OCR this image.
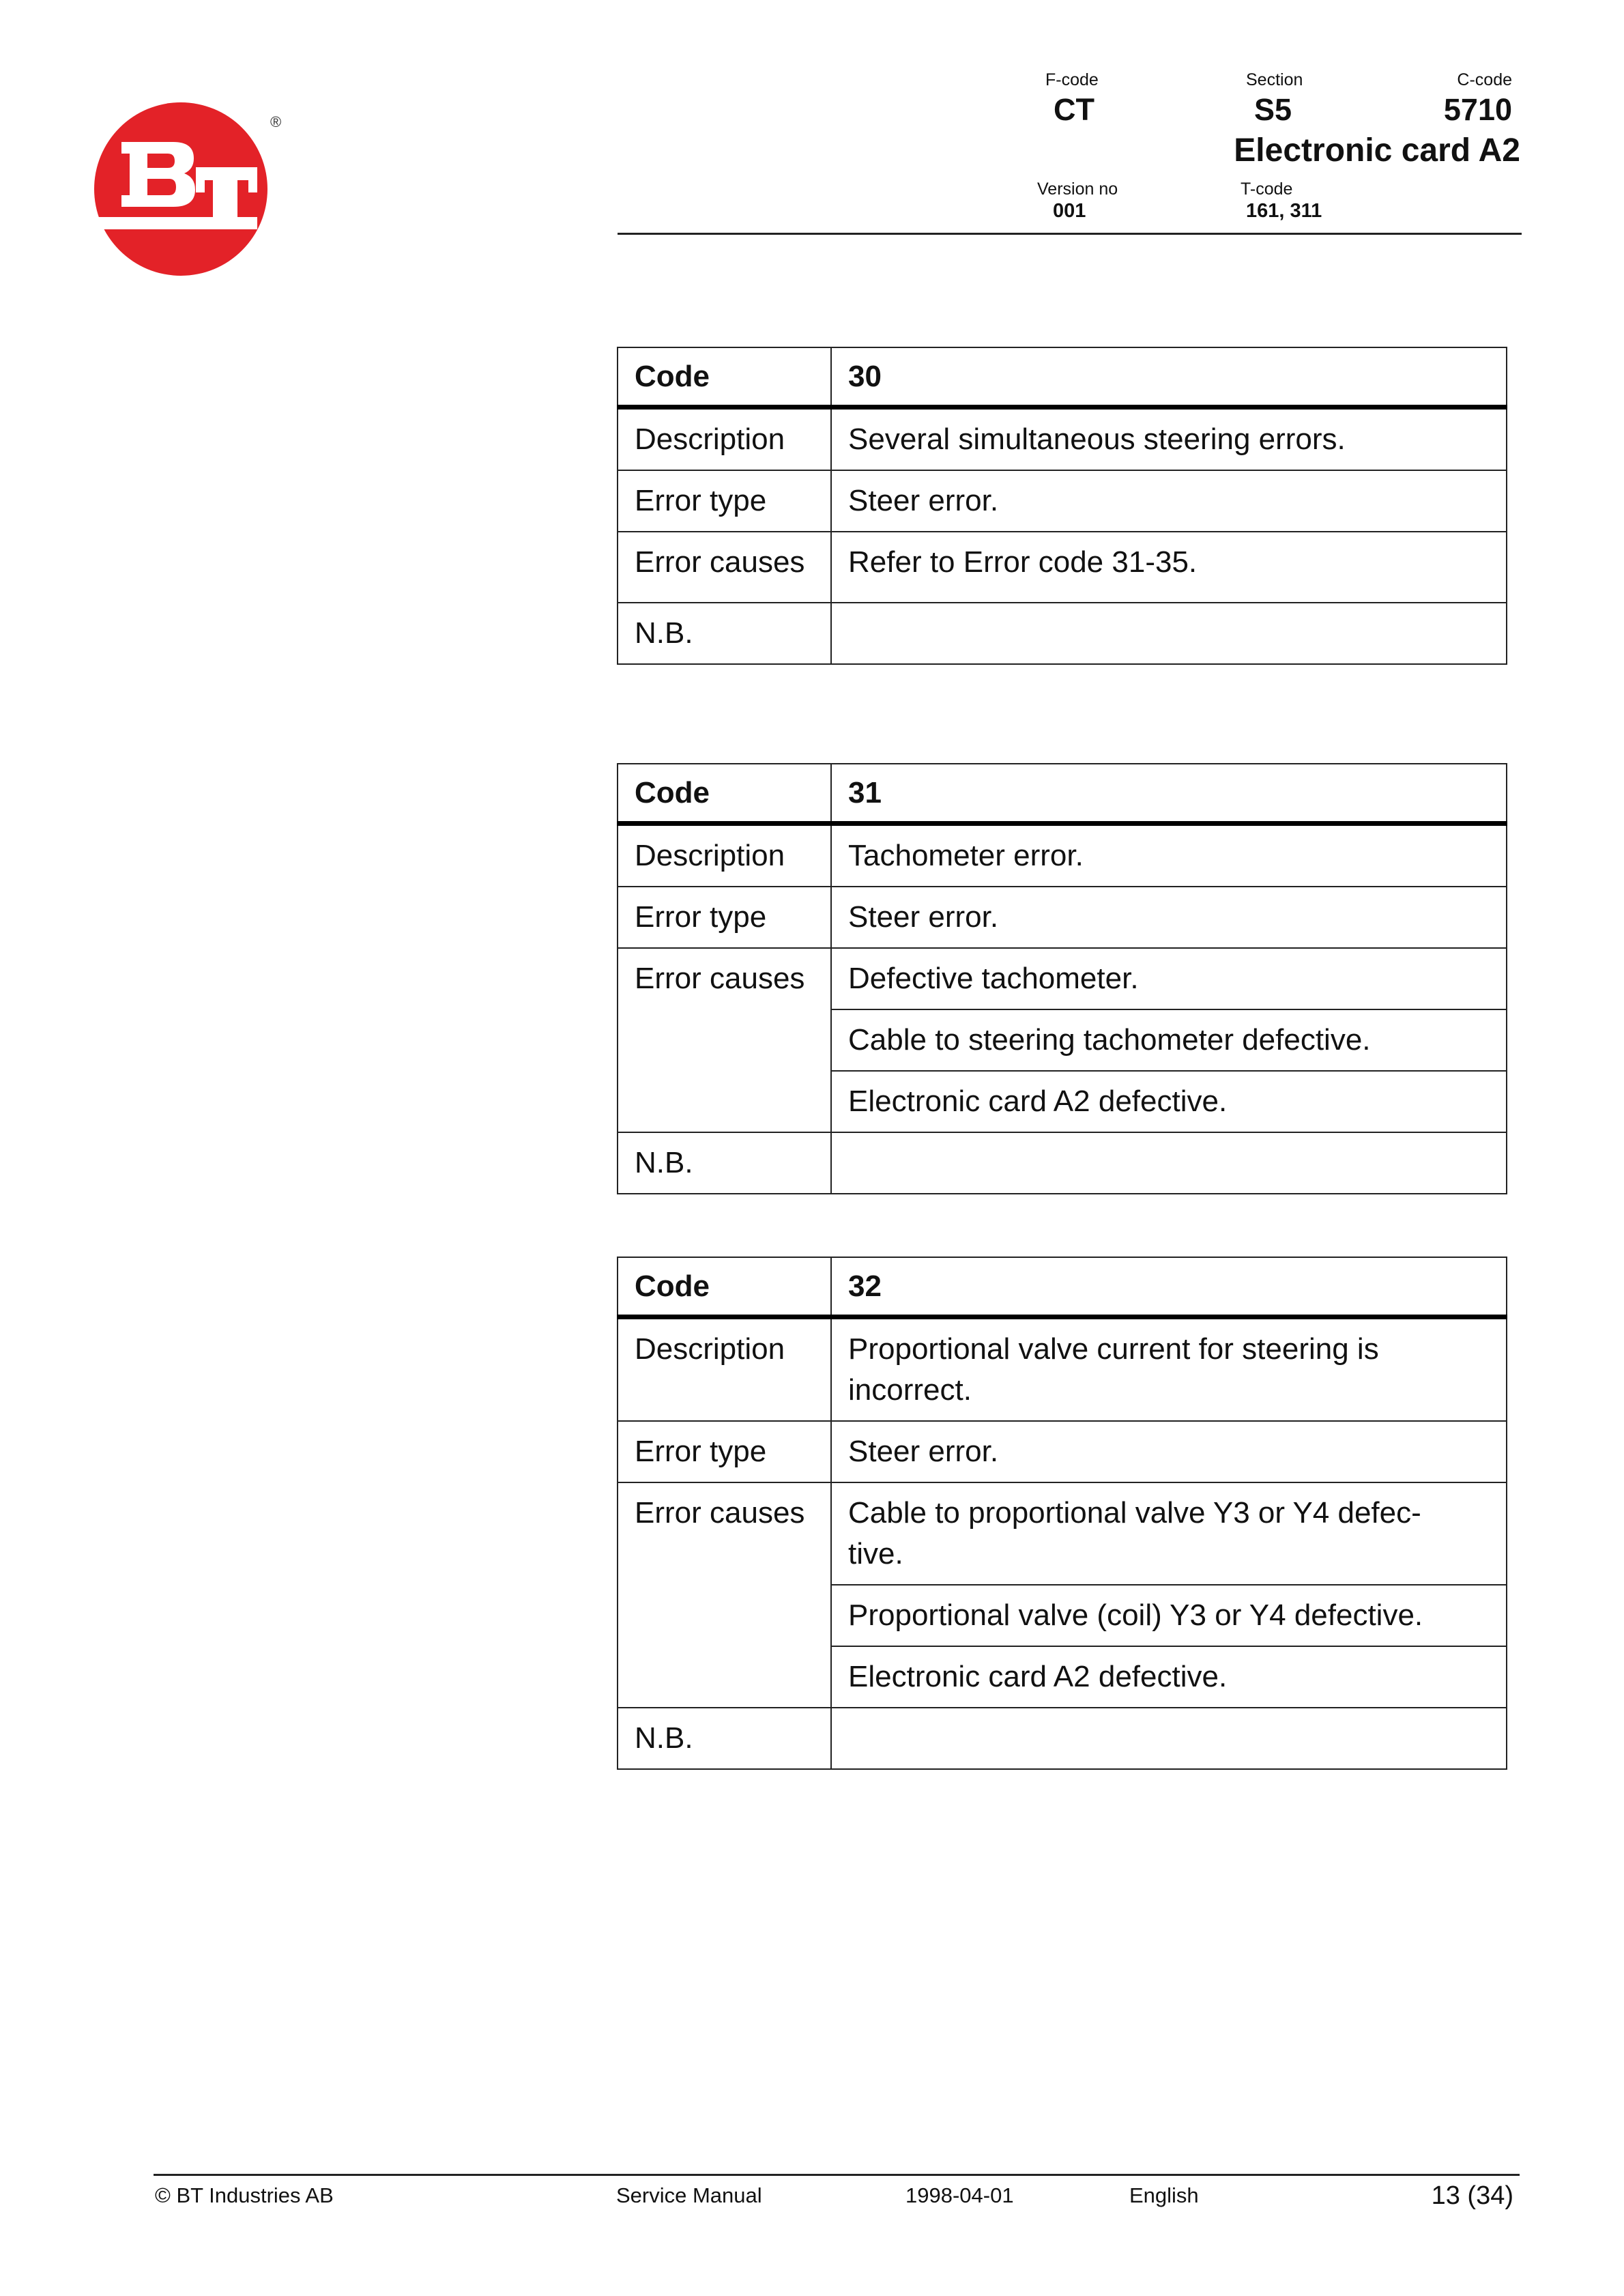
®
F-code
CT
Section
S5
C-code
5710
Electronic card A2
Version no
001
T-code
161, 311
Code	30
Description	Several simultaneous steering errors.
Error type	Steer error.
Error causes	Refer to Error code 31-35.
N.B.	
Code	31
Description	Tachometer error.
Error type	Steer error.
Error causes	Defective tachometer.
	Cable to steering tachometer defective.
	Electronic card A2 defective.
N.B.	
Code	32
Description	Proportional valve current for steering is incorrect.
Error type	Steer error.
Error causes	Cable to proportional valve Y3 or Y4 defec-
tive.
	Proportional valve (coil) Y3 or Y4 defective.
	Electronic card A2 defective.
N.B.	
© BT Industries AB	Service Manual	1998-04-01	English	13 (34)
